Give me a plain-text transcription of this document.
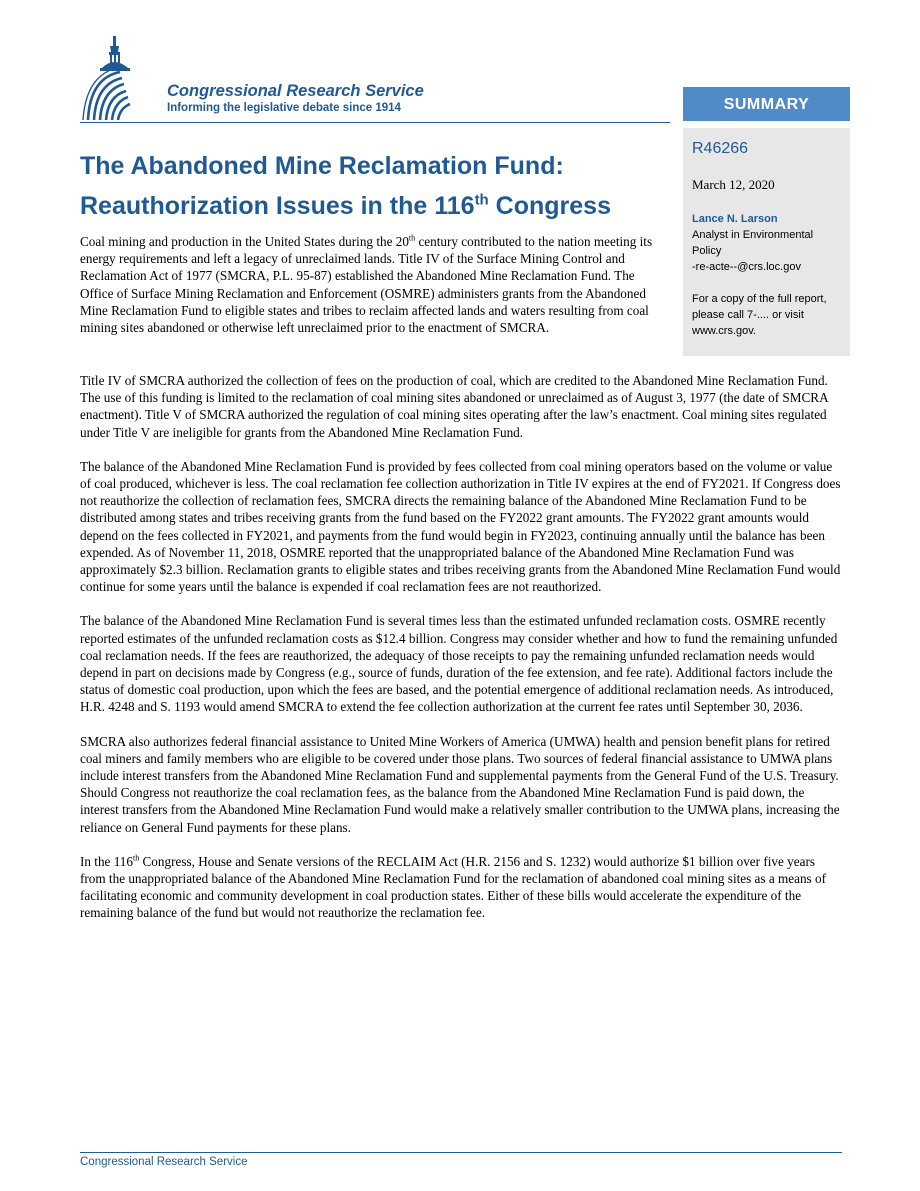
Congressional Research Service
Informing the legislative debate since 1914	SUMMARY
R46266
March 12, 2020
Lance N. Larson
Analyst in Environmental
Policy
-re-acte--@crs.loc.gov
For a copy of the full report,
please call 7-.... or visit
www.crs.gov.
The Abandoned Mine Reclamation Fund:
Reauthorization Issues in the 116th Congress

Coal mining and production in the United States during the 20th century contributed to the nation meeting its energy requirements and left a legacy of unreclaimed lands. Title IV of the Surface Mining Control and Reclamation Act of 1977 (SMCRA, P.L. 95-87) established the Abandoned Mine Reclamation Fund. The Office of Surface Mining Reclamation and Enforcement (OSMRE) administers grants from the Abandoned Mine Reclamation Fund to eligible states and tribes to reclaim affected lands and waters resulting from coal mining sites abandoned or otherwise left unreclaimed prior to the enactment of SMCRA.

Title IV of SMCRA authorized the collection of fees on the production of coal, which are credited to the Abandoned Mine Reclamation Fund. The use of this funding is limited to the reclamation of coal mining sites abandoned or unreclaimed as of August 3, 1977 (the date of SMCRA enactment). Title V of SMCRA authorized the regulation of coal mining sites operating after the law’s enactment. Coal mining sites regulated under Title V are ineligible for grants from the Abandoned Mine Reclamation Fund.

The balance of the Abandoned Mine Reclamation Fund is provided by fees collected from coal mining operators based on the volume or value of coal produced, whichever is less. The coal reclamation fee collection authorization in Title IV expires at the end of FY2021. If Congress does not reauthorize the collection of reclamation fees, SMCRA directs the remaining balance of the Abandoned Mine Reclamation Fund to be distributed among states and tribes receiving grants from the fund based on the FY2022 grant amounts. The FY2022 grant amounts would depend on the fees collected in FY2021, and payments from the fund would begin in FY2023, continuing annually until the balance has been expended. As of November 11, 2018, OSMRE reported that the unappropriated balance of the Abandoned Mine Reclamation Fund was approximately $2.3 billion. Reclamation grants to eligible states and tribes receiving grants from the Abandoned Mine Reclamation Fund would continue for some years until the balance is expended if coal reclamation fees are not reauthorized.

The balance of the Abandoned Mine Reclamation Fund is several times less than the estimated unfunded reclamation costs. OSMRE recently reported estimates of the unfunded reclamation costs as $12.4 billion. Congress may consider whether and how to fund the remaining unfunded coal reclamation needs. If the fees are reauthorized, the adequacy of those receipts to pay the remaining unfunded reclamation needs would depend in part on decisions made by Congress (e.g., source of funds, duration of the fee extension, and fee rate). Additional factors include the status of domestic coal production, upon which the fees are based, and the potential emergence of additional reclamation needs. As introduced, H.R. 4248 and S. 1193 would amend SMCRA to extend the fee collection authorization at the current fee rates until September 30, 2036.

SMCRA also authorizes federal financial assistance to United Mine Workers of America (UMWA) health and pension benefit plans for retired coal miners and family members who are eligible to be covered under those plans. Two sources of federal financial assistance to UMWA plans include interest transfers from the Abandoned Mine Reclamation Fund and supplemental payments from the General Fund of the U.S. Treasury. Should Congress not reauthorize the coal reclamation fees, as the balance from the Abandoned Mine Reclamation Fund is paid down, the interest transfers from the Abandoned Mine Reclamation Fund would make a relatively smaller contribution to the UMWA plans, increasing the reliance on General Fund payments for these plans.

In the 116th Congress, House and Senate versions of the RECLAIM Act (H.R. 2156 and S. 1232) would authorize $1 billion over five years from the unappropriated balance of the Abandoned Mine Reclamation Fund for the reclamation of abandoned coal mining sites as a means of facilitating economic and community development in coal production states. Either of these bills would accelerate the expenditure of the remaining balance of the fund but would not reauthorize the reclamation fee.

Congressional Research Service
